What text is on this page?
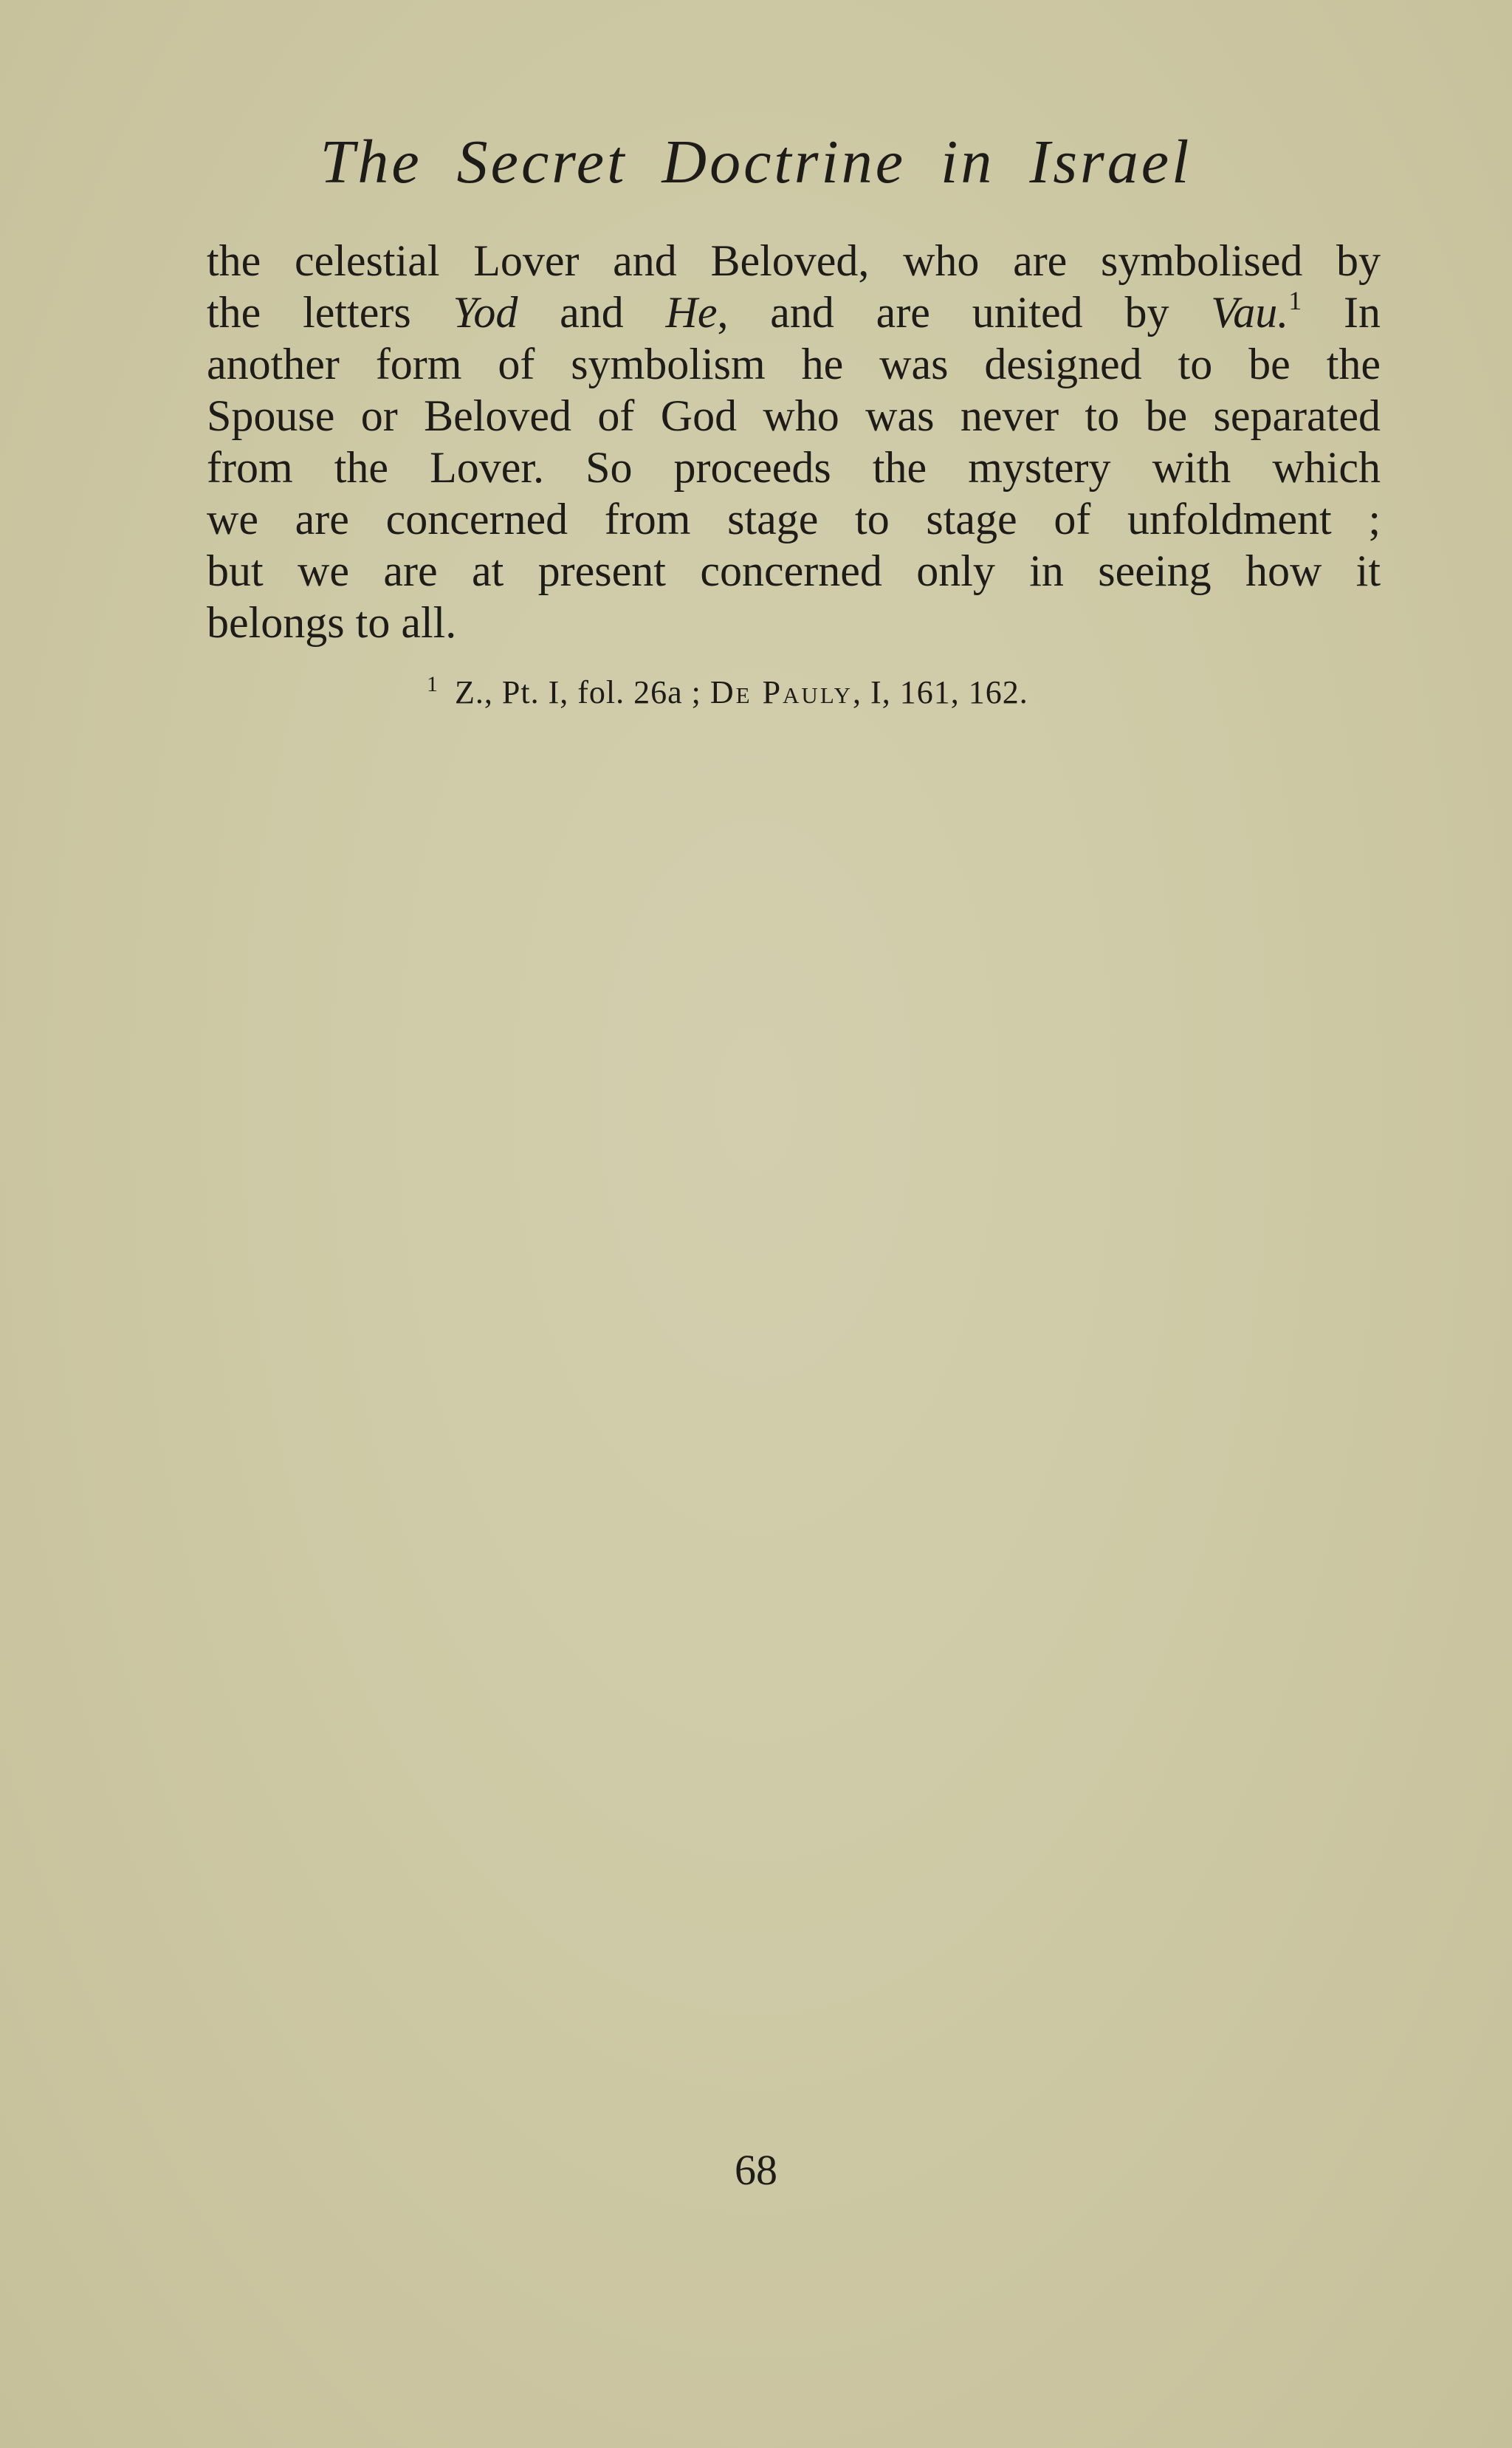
The Secret Doctrine in Israel
the celestial Lover and Beloved, who are symbolised by
the letters Yod and He, and are united by Vau.$^1$ In
another form of symbolism he was designed to be the
Spouse or Beloved of God who was never to be separated
from the Lover. So proceeds the mystery with which
we are concerned from stage to stage of unfoldment ;
but we are at present concerned only in seeing how it
belongs to all.
$^1$ Z., Pt. I, fol. 26a ; De Pauly, I, 161, 162.
68
